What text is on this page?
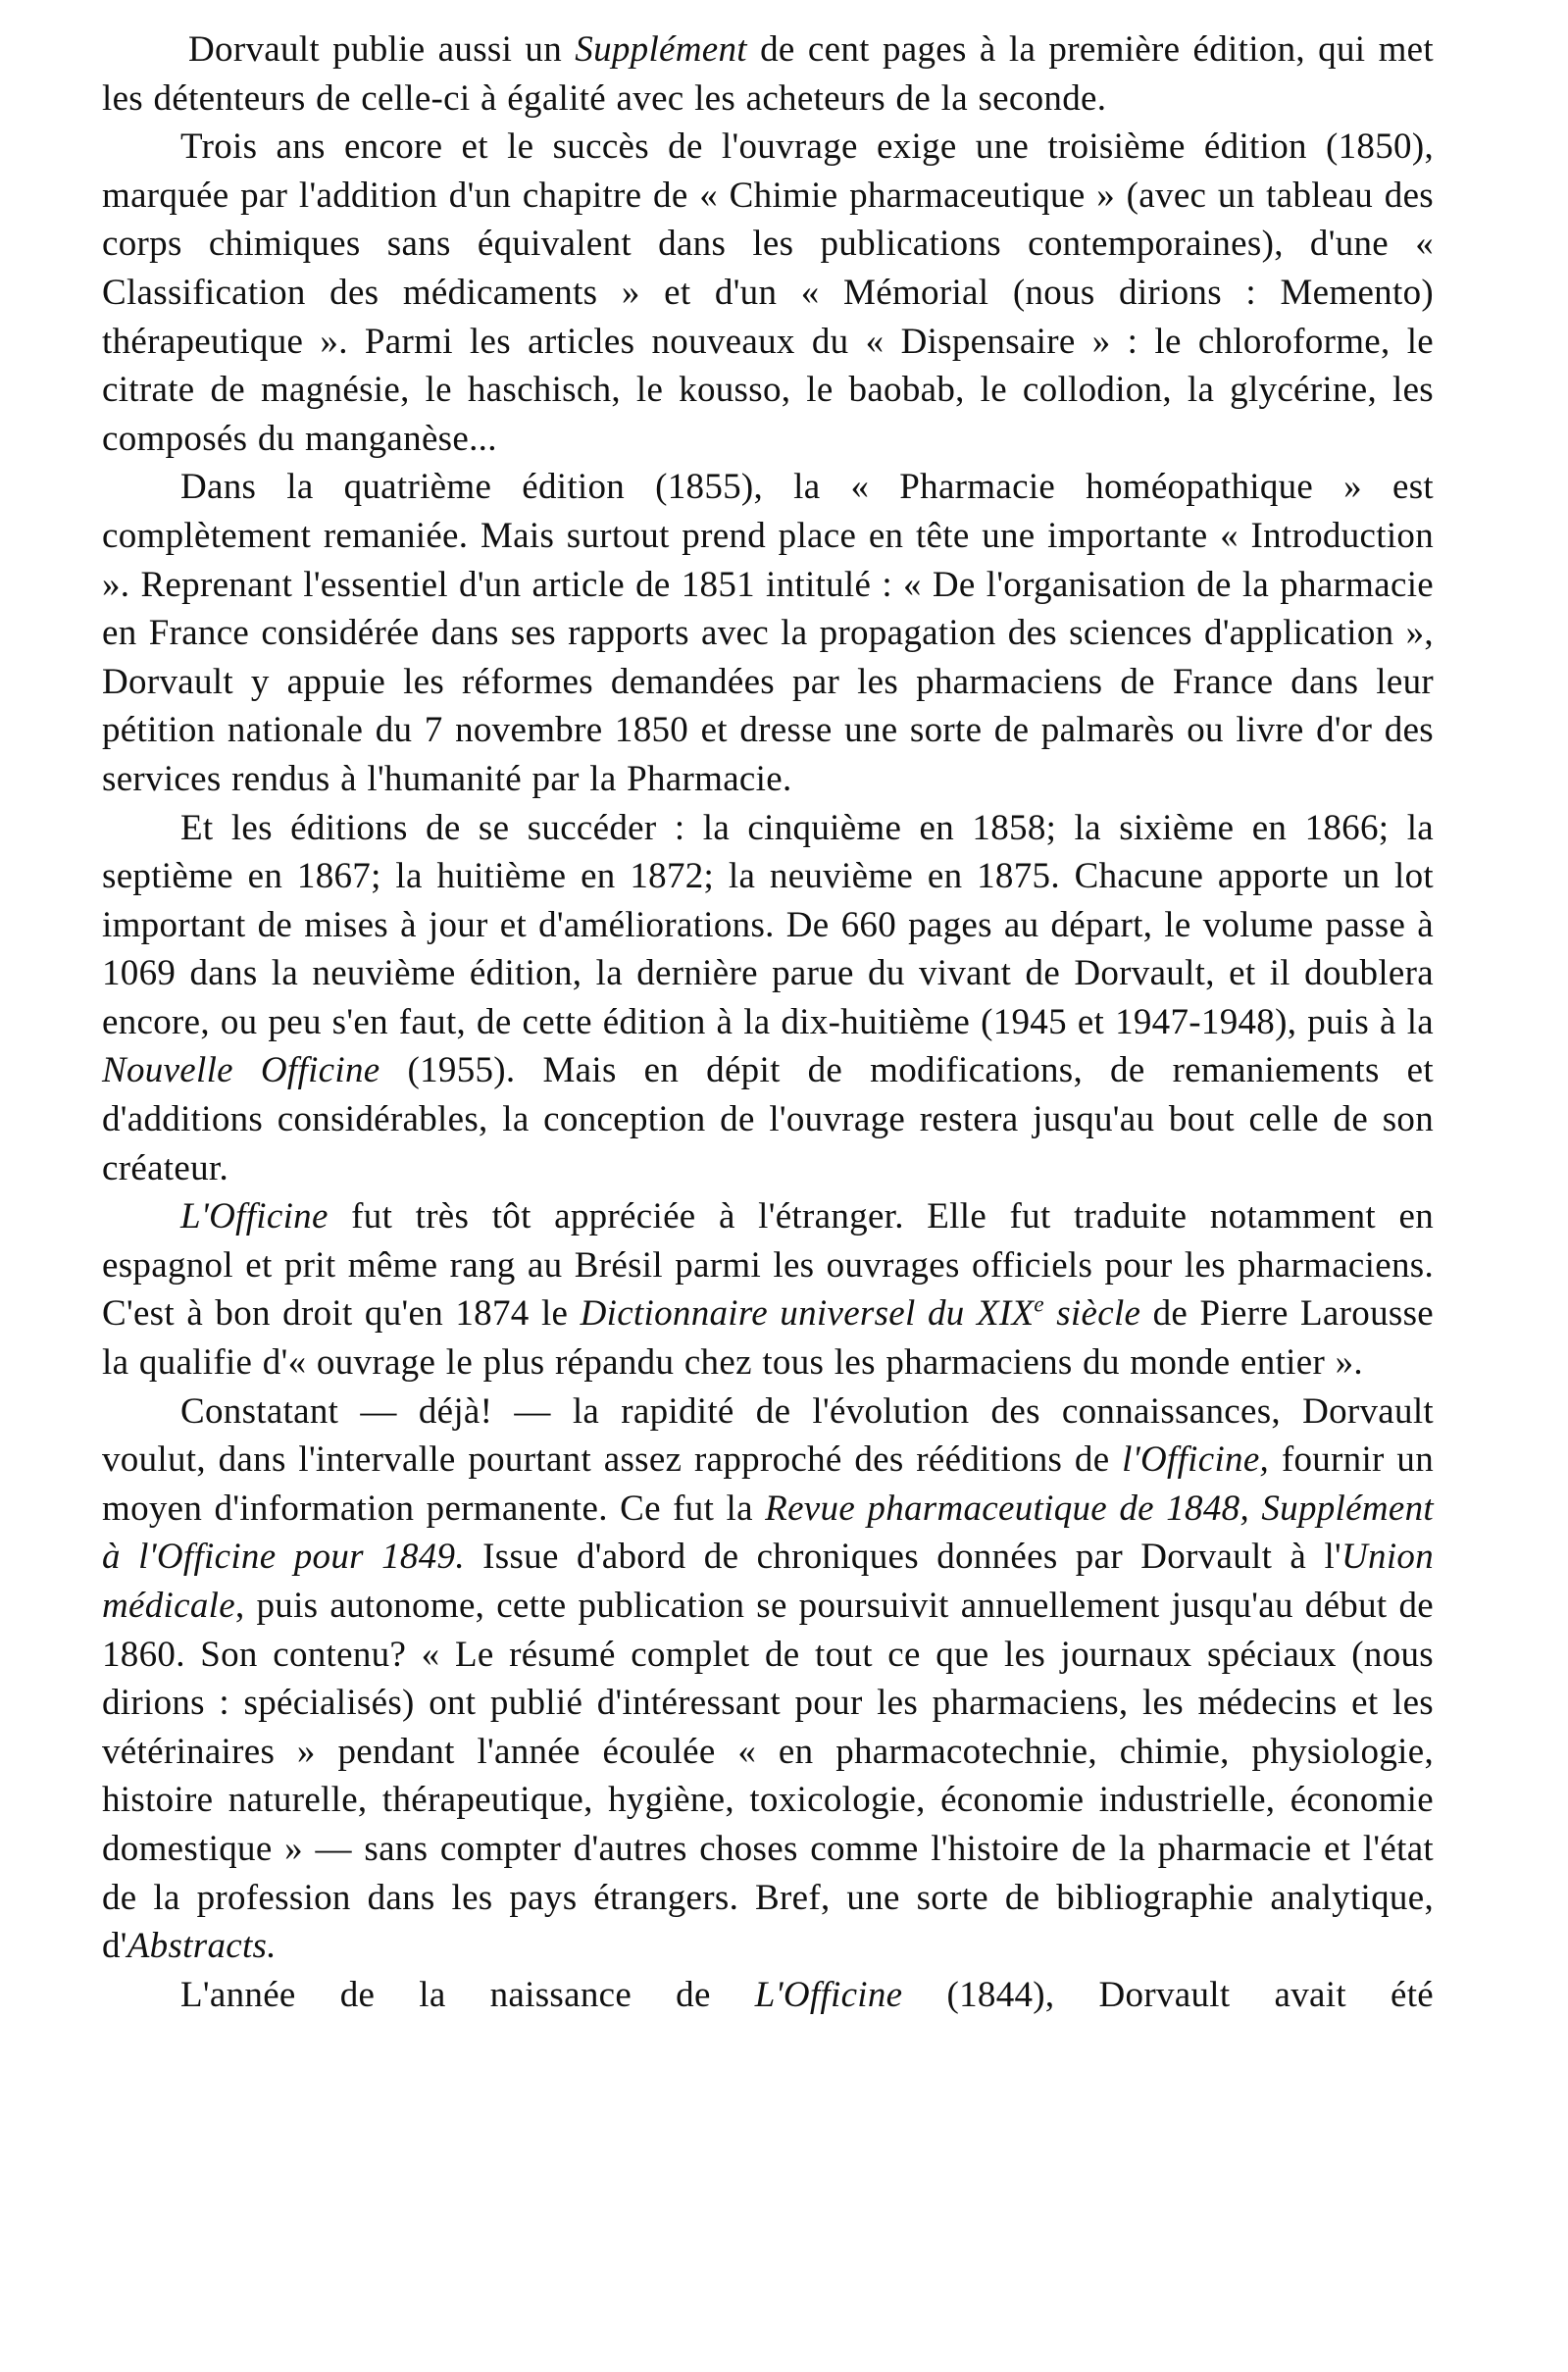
Dorvault publie aussi un Supplément de cent pages à la première édition, qui met les détenteurs de celle-ci à égalité avec les acheteurs de la seconde.

Trois ans encore et le succès de l'ouvrage exige une troisième édition (1850), marquée par l'addition d'un chapitre de « Chimie pharmaceutique » (avec un tableau des corps chimiques sans équivalent dans les publications contemporaines), d'une « Classification des médicaments » et d'un « Mémorial (nous dirions : Memento) thérapeutique ». Parmi les articles nouveaux du « Dispensaire » : le chloroforme, le citrate de magnésie, le haschisch, le kousso, le baobab, le collodion, la glycérine, les composés du manganèse...

Dans la quatrième édition (1855), la « Pharmacie homéopathique » est complètement remaniée. Mais surtout prend place en tête une importante « Introduction ». Reprenant l'essentiel d'un article de 1851 intitulé : « De l'organisation de la pharmacie en France considérée dans ses rapports avec la propagation des sciences d'application », Dorvault y appuie les réformes demandées par les pharmaciens de France dans leur pétition nationale du 7 novembre 1850 et dresse une sorte de palmarès ou livre d'or des services rendus à l'humanité par la Pharmacie.

Et les éditions de se succéder : la cinquième en 1858; la sixième en 1866; la septième en 1867; la huitième en 1872; la neuvième en 1875. Chacune apporte un lot important de mises à jour et d'améliorations. De 660 pages au départ, le volume passe à 1069 dans la neuvième édition, la dernière parue du vivant de Dorvault, et il doublera encore, ou peu s'en faut, de cette édition à la dix-huitième (1945 et 1947-1948), puis à la Nouvelle Officine (1955). Mais en dépit de modifications, de remaniements et d'additions considérables, la conception de l'ouvrage restera jusqu'au bout celle de son créateur.

L'Officine fut très tôt appréciée à l'étranger. Elle fut traduite notamment en espagnol et prit même rang au Brésil parmi les ouvrages officiels pour les pharmaciens. C'est à bon droit qu'en 1874 le Dictionnaire universel du XIXe siècle de Pierre Larousse la qualifie d'« ouvrage le plus répandu chez tous les pharmaciens du monde entier ».

Constatant — déjà! — la rapidité de l'évolution des connaissances, Dorvault voulut, dans l'intervalle pourtant assez rapproché des rééditions de l'Officine, fournir un moyen d'information permanente. Ce fut la Revue pharmaceutique de 1848, Supplément à l'Officine pour 1849. Issue d'abord de chroniques données par Dorvault à l'Union médicale, puis autonome, cette publication se poursuivit annuellement jusqu'au début de 1860. Son contenu? « Le résumé complet de tout ce que les journaux spéciaux (nous dirions : spécialisés) ont publié d'intéressant pour les pharmaciens, les médecins et les vétérinaires » pendant l'année écoulée « en pharmacotechnie, chimie, physiologie, histoire naturelle, thérapeutique, hygiène, toxicologie, économie industrielle, économie domestique » — sans compter d'autres choses comme l'histoire de la pharmacie et l'état de la profession dans les pays étrangers. Bref, une sorte de bibliographie analytique, d'Abstracts.

L'année de la naissance de L'Officine (1844), Dorvault avait été
